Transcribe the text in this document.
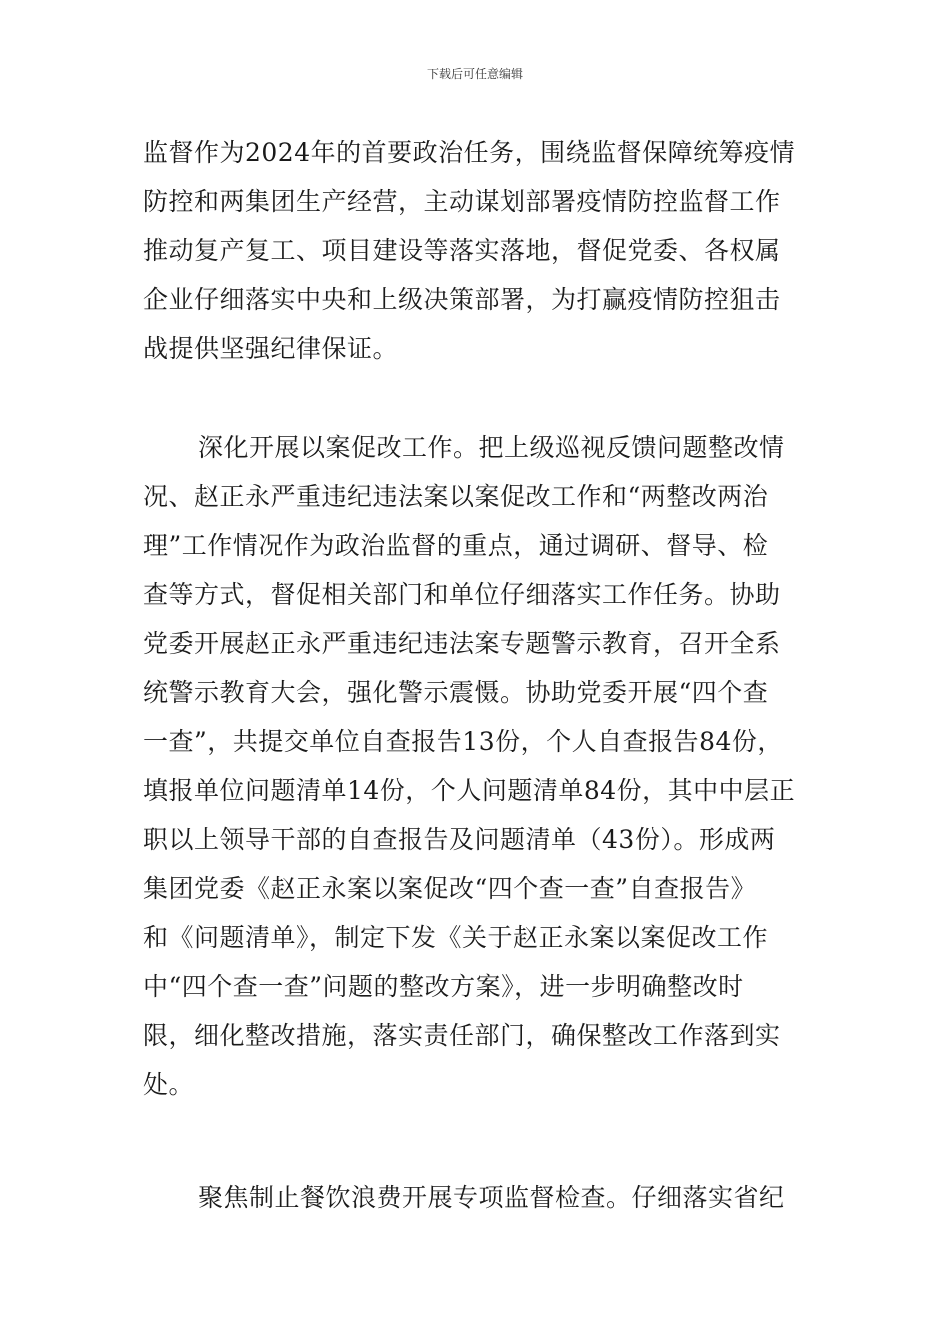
下载后可任意编辑
监督作为2024年的首要政治任务，围绕监督保障统筹疫情
防控和两集团生产经营，主动谋划部署疫情防控监督工作
推动复产复工、项目建设等落实落地，督促党委、各权属
企业仔细落实中央和上级决策部署，为打赢疫情防控狙击
战提供坚强纪律保证。
深化开展以案促改工作。把上级巡视反馈问题整改情
况、赵正永严重违纪违法案以案促改工作和“两整改两治
理”工作情况作为政治监督的重点，通过调研、督导、检
查等方式，督促相关部门和单位仔细落实工作任务。协助
党委开展赵正永严重违纪违法案专题警示教育，召开全系
统警示教育大会，强化警示震慑。协助党委开展“四个查
一查”，共提交单位自查报告13份，个人自查报告84份，
填报单位问题清单14份，个人问题清单84份，其中中层正
职以上领导干部的自查报告及问题清单（43份）。形成两
集团党委《赵正永案以案促改“四个查一查”自查报告》
和《问题清单》，制定下发《关于赵正永案以案促改工作
中“四个查一查”问题的整改方案》，进一步明确整改时
限，细化整改措施，落实责任部门，确保整改工作落到实
处。
聚焦制止餐饮浪费开展专项监督检查。仔细落实省纪
